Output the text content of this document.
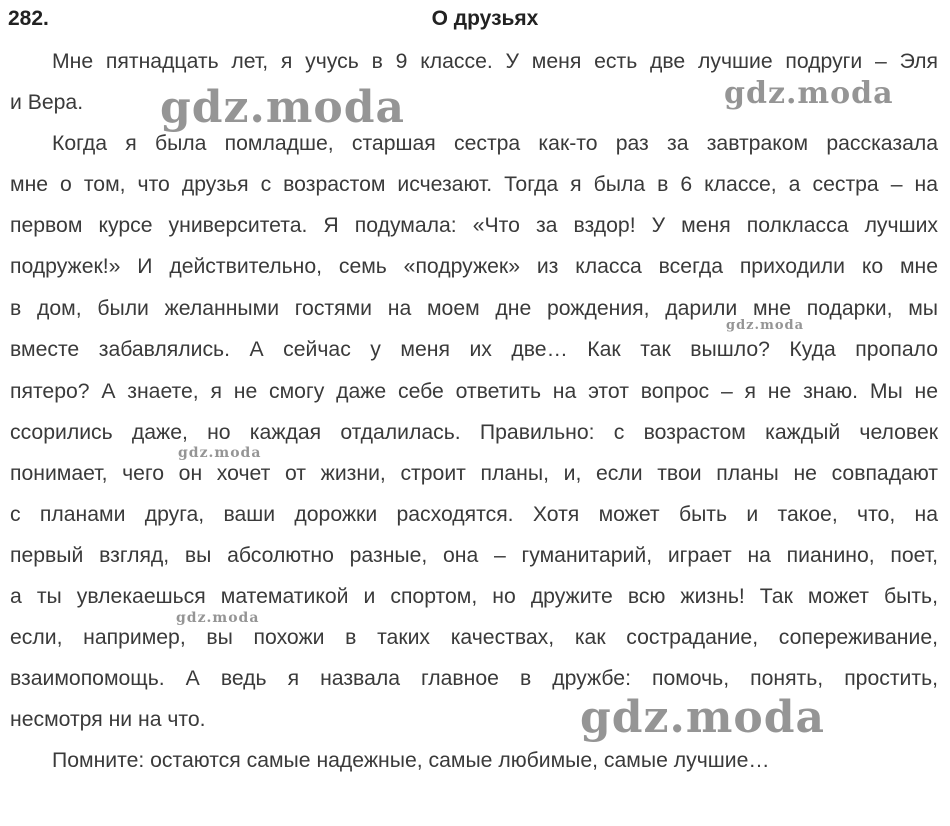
282.	О друзьях
Мне пятнадцать лет, я учусь в 9 классе. У меня есть две лучшие подруги – Эля
и Вера.
Когда я была помладше, старшая сестра как-то раз за завтраком рассказала
мне о том, что друзья с возрастом исчезают. Тогда я была в 6 классе, а сестра – на
первом курсе университета. Я подумала: «Что за вздор! У меня полкласса лучших
подружек!» И действительно, семь «подружек» из класса всегда приходили ко мне
в дом, были желанными гостями на моем дне рождения, дарили мне подарки, мы
вместе забавлялись. А сейчас у меня их две… Как так вышло? Куда пропало
пятеро? А знаете, я не смогу даже себе ответить на этот вопрос – я не знаю. Мы не
ссорились даже, но каждая отдалилась. Правильно: с возрастом каждый человек
понимает, чего он хочет от жизни, строит планы, и, если твои планы не совпадают
с планами друга, ваши дорожки расходятся. Хотя может быть и такое, что, на
первый взгляд, вы абсолютно разные, она – гуманитарий, играет на пианино, поет,
а ты увлекаешься математикой и спортом, но дружите всю жизнь! Так может быть,
если, например, вы похожи в таких качествах, как сострадание, сопереживание,
взаимопомощь. А ведь я назвала главное в дружбе: помочь, понять, простить,
несмотря ни на что.
Помните: остаются самые надежные, самые любимые, самые лучшие…
gdz.moda	gdz.moda
gdz.moda
gdz.moda
gdz.moda
gdz.moda
